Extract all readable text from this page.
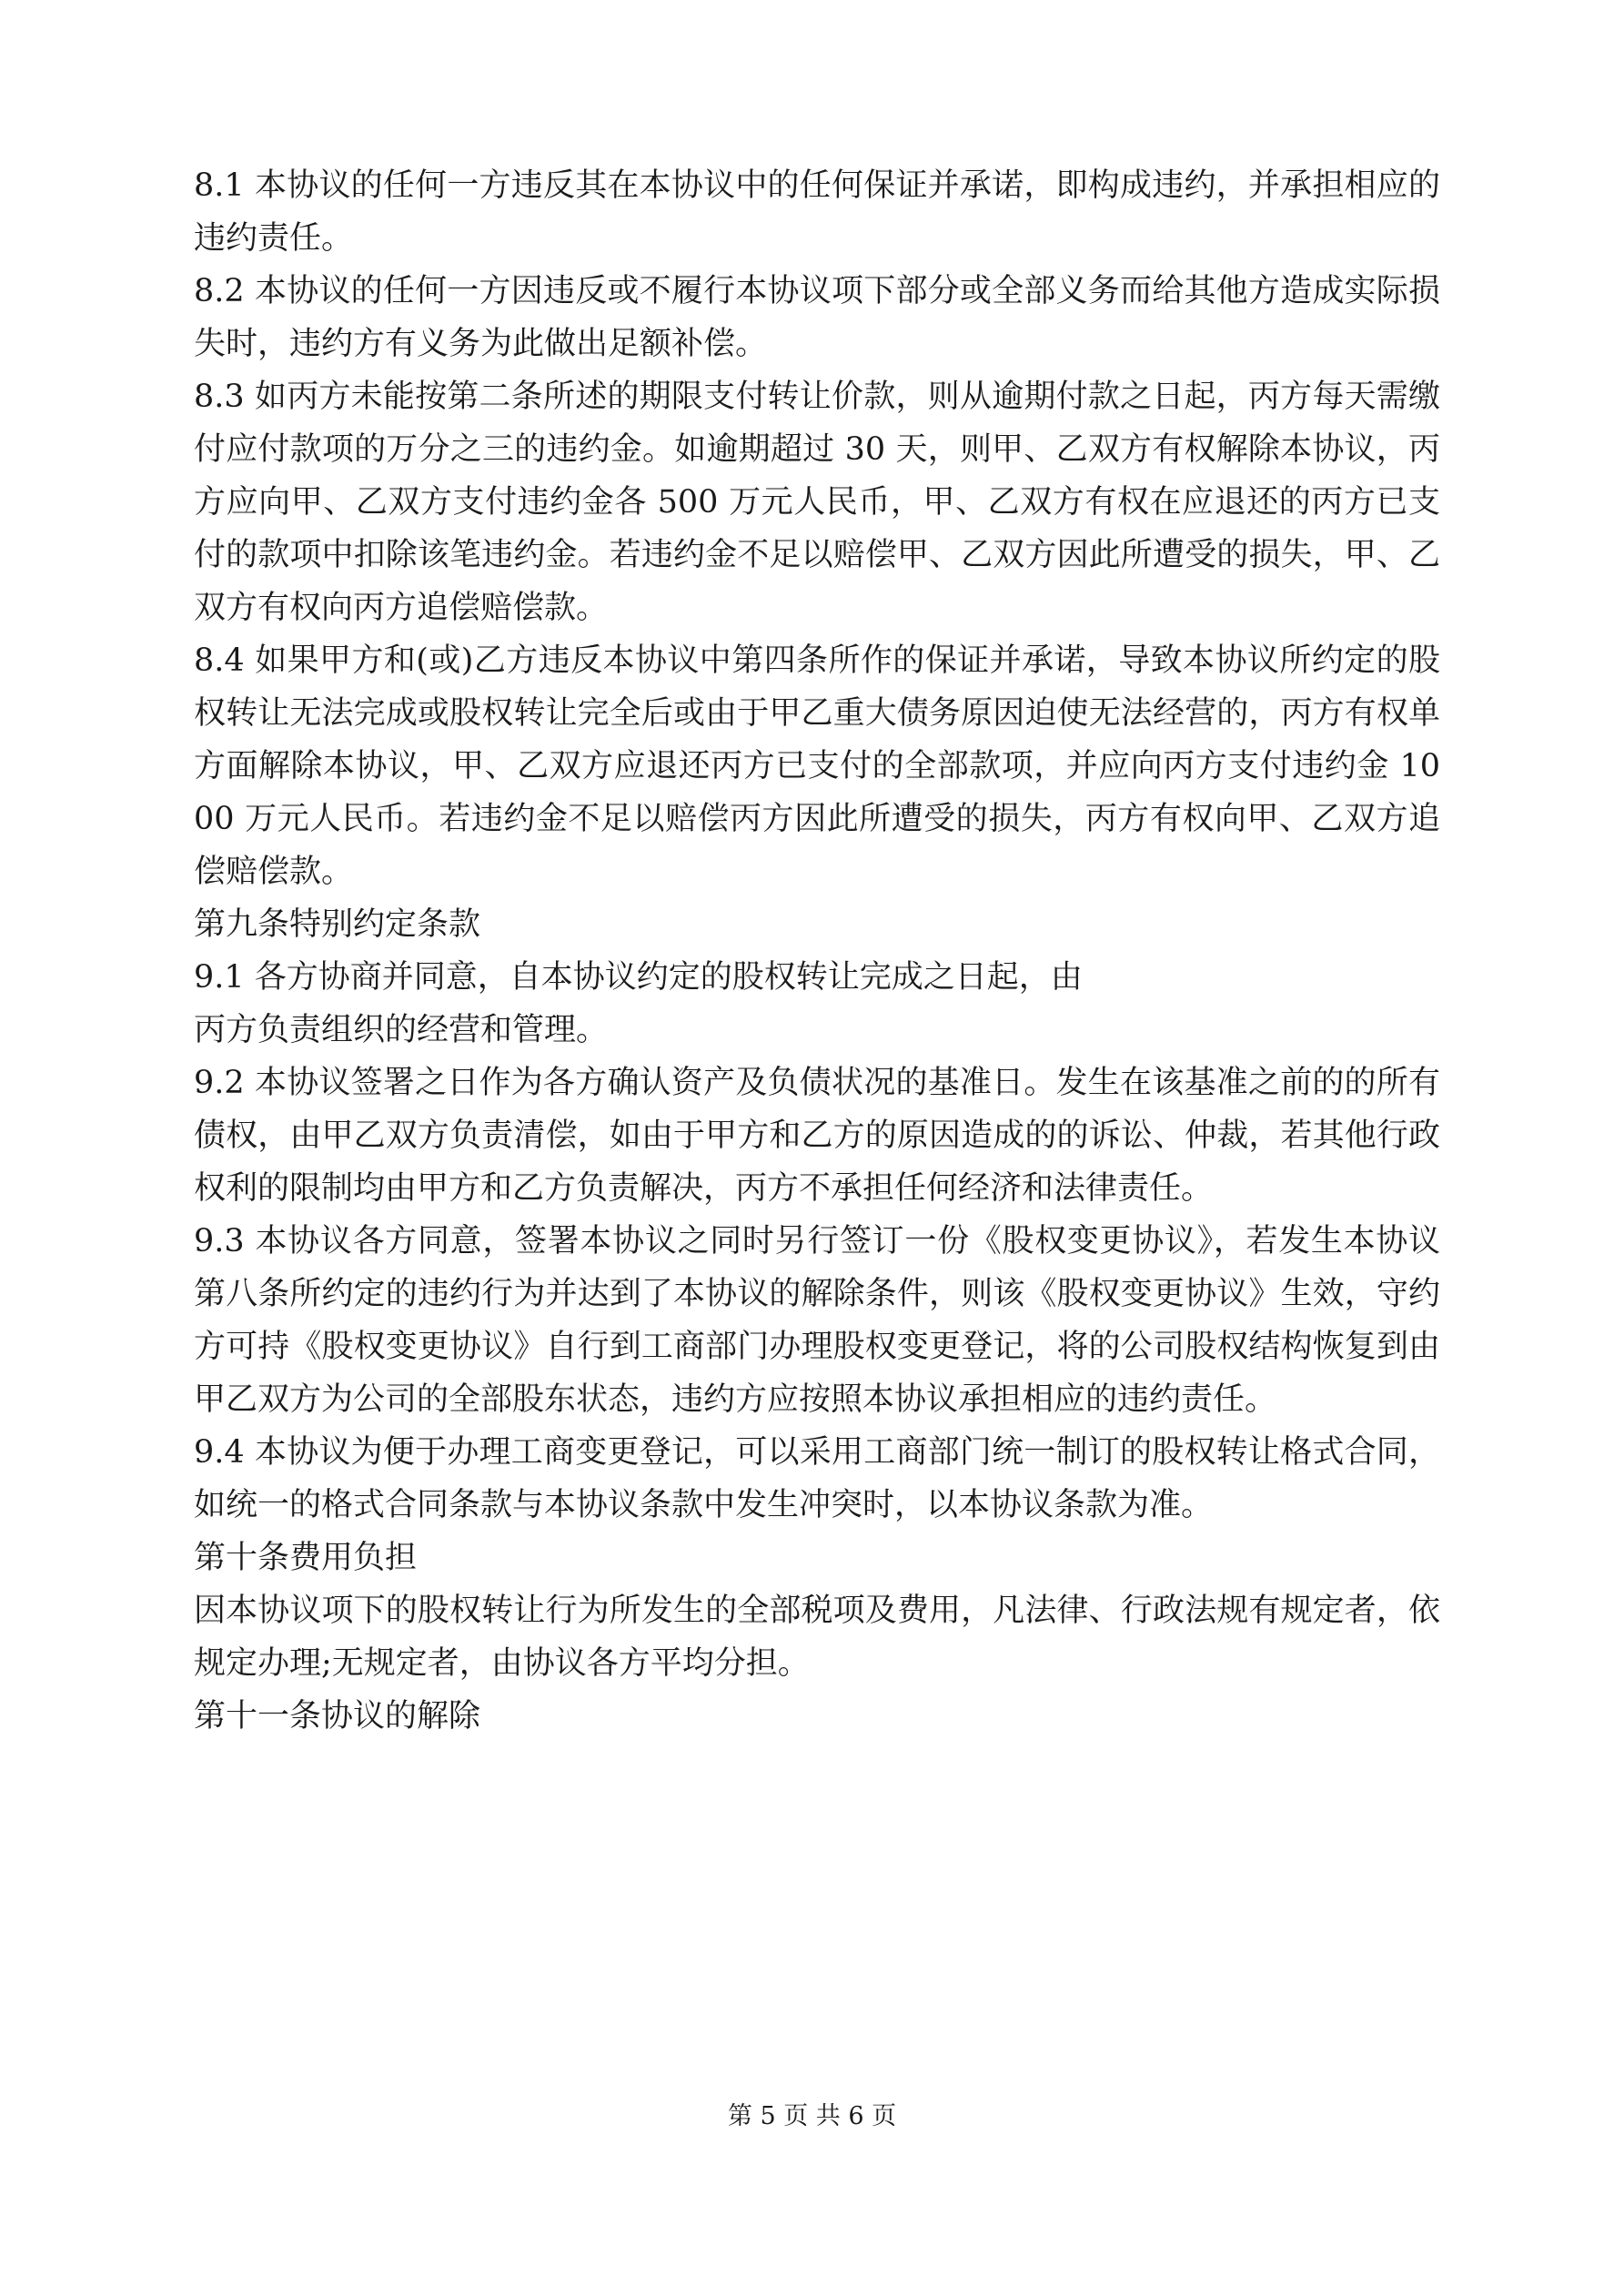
8.1 本协议的任何一方违反其在本协议中的任何保证并承诺，即构成违约，并承担相应的违约责任。

8.2 本协议的任何一方因违反或不履行本协议项下部分或全部义务而给其他方造成实际损失时，违约方有义务为此做出足额补偿。

8.3 如丙方未能按第二条所述的期限支付转让价款，则从逾期付款之日起，丙方每天需缴付应付款项的万分之三的违约金。如逾期超过 30 天，则甲、乙双方有权解除本协议，丙方应向甲、乙双方支付违约金各 500 万元人民币，甲、乙双方有权在应退还的丙方已支付的款项中扣除该笔违约金。若违约金不足以赔偿甲、乙双方因此所遭受的损失，甲、乙双方有权向丙方追偿赔偿款。

8.4 如果甲方和(或)乙方违反本协议中第四条所作的保证并承诺，导致本协议所约定的股权转让无法完成或股权转让完全后或由于甲乙重大债务原因迫使无法经营的，丙方有权单方面解除本协议，甲、乙双方应退还丙方已支付的全部款项，并应向丙方支付违约金 1000 万元人民币。若违约金不足以赔偿丙方因此所遭受的损失，丙方有权向甲、乙双方追偿赔偿款。

第九条特别约定条款

9.1 各方协商并同意，自本协议约定的股权转让完成之日起，由

丙方负责组织的经营和管理。

9.2 本协议签署之日作为各方确认资产及负债状况的基准日。发生在该基准之前的的所有债权，由甲乙双方负责清偿，如由于甲方和乙方的原因造成的的诉讼、仲裁，若其他行政权利的限制均由甲方和乙方负责解决，丙方不承担任何经济和法律责任。

9.3 本协议各方同意，签署本协议之同时另行签订一份《股权变更协议》，若发生本协议第八条所约定的违约行为并达到了本协议的解除条件，则该《股权变更协议》生效，守约方可持《股权变更协议》自行到工商部门办理股权变更登记，将的公司股权结构恢复到由甲乙双方为公司的全部股东状态，违约方应按照本协议承担相应的违约责任。

9.4 本协议为便于办理工商变更登记，可以采用工商部门统一制订的股权转让格式合同，如统一的格式合同条款与本协议条款中发生冲突时，以本协议条款为准。

第十条费用负担

因本协议项下的股权转让行为所发生的全部税项及费用，凡法律、行政法规有规定者，依规定办理;无规定者，由协议各方平均分担。

第十一条协议的解除

第 5 页 共 6 页
